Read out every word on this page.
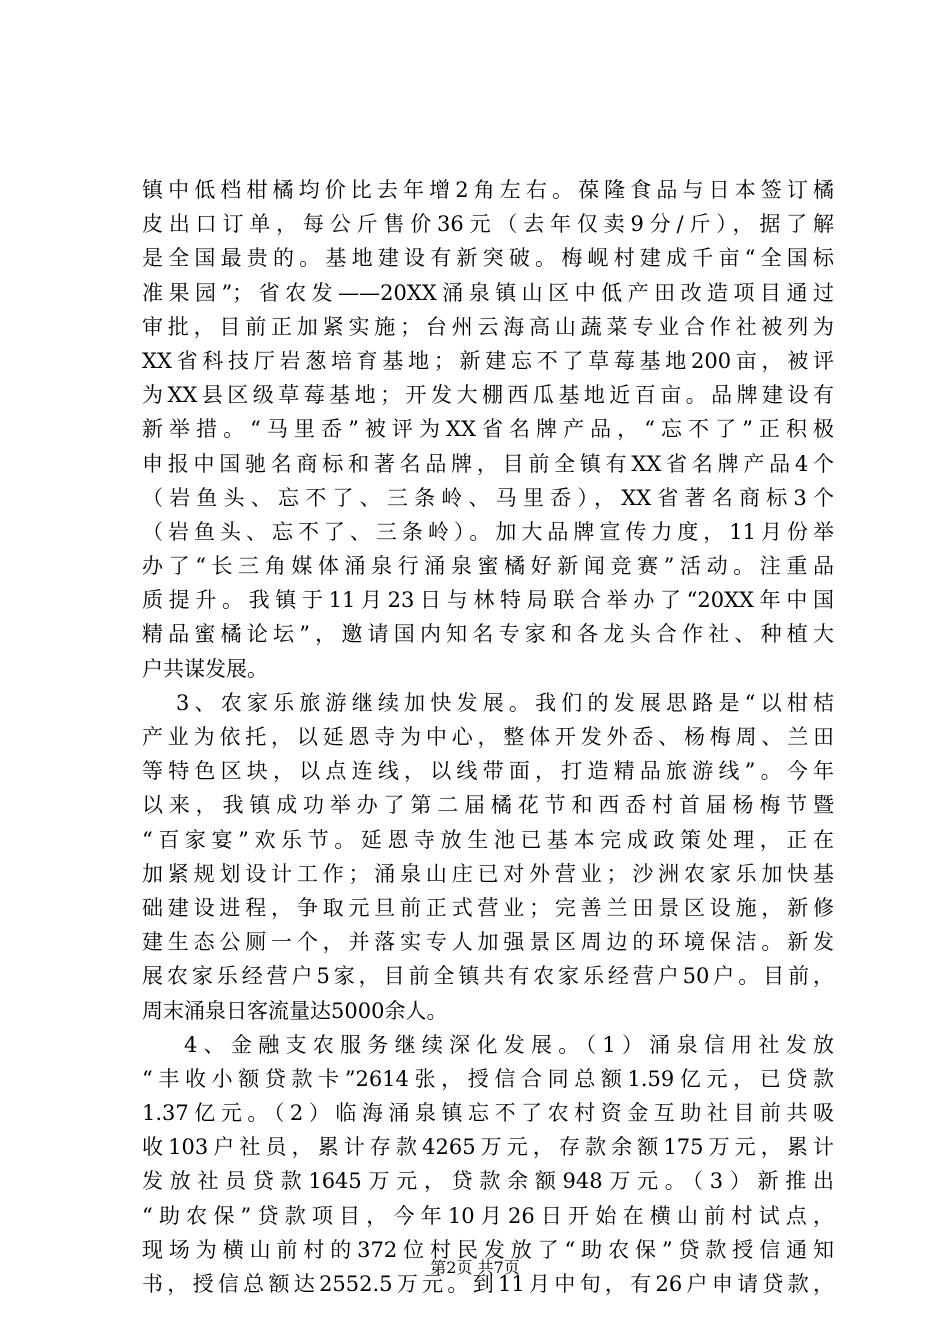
镇中低档柑橘均价比去年增2角左右。葆隆食品与日本签订橘
皮出口订单，每公斤售价36元（去年仅卖9分/斤），据了解
是全国最贵的。基地建设有新突破。梅岘村建成千亩“全国标
准果园”；省农发——20XX涌泉镇山区中低产田改造项目通过
审批，目前正加紧实施；台州云海高山蔬菜专业合作社被列为
XX省科技厅岩葱培育基地；新建忘不了草莓基地200亩，被评
为XX县区级草莓基地；开发大棚西瓜基地近百亩。品牌建设有
新举措。“马里岙”被评为XX省名牌产品，“忘不了”正积极
申报中国驰名商标和著名品牌，目前全镇有XX省名牌产品4个
（岩鱼头、忘不了、三条岭、马里岙），XX省著名商标3个
（岩鱼头、忘不了、三条岭）。加大品牌宣传力度，11月份举
办了“长三角媒体涌泉行涌泉蜜橘好新闻竞赛”活动。注重品
质提升。我镇于11月23日与林特局联合举办了“20XX年中国
精品蜜橘论坛”，邀请国内知名专家和各龙头合作社、种植大
户共谋发展。
3、农家乐旅游继续加快发展。我们的发展思路是“以柑桔
产业为依托，以延恩寺为中心，整体开发外岙、杨梅周、兰田
等特色区块，以点连线，以线带面，打造精品旅游线”。今年
以来，我镇成功举办了第二届橘花节和西岙村首届杨梅节暨
“百家宴”欢乐节。延恩寺放生池已基本完成政策处理，正在
加紧规划设计工作；涌泉山庄已对外营业；沙洲农家乐加快基
础建设进程，争取元旦前正式营业；完善兰田景区设施，新修
建生态公厕一个，并落实专人加强景区周边的环境保洁。新发
展农家乐经营户5家，目前全镇共有农家乐经营户50户。目前，
周末涌泉日客流量达5000余人。
4、金融支农服务继续深化发展。（1）涌泉信用社发放
“丰收小额贷款卡”2614张，授信合同总额1.59亿元，已贷款
1.37亿元。（2）临海涌泉镇忘不了农村资金互助社目前共吸
收103户社员，累计存款4265万元，存款余额175万元，累计
发放社员贷款1645万元，贷款余额948万元。（3）新推出
“助农保”贷款项目，今年10月26日开始在横山前村试点，
现场为横山前村的372位村民发放了“助农保”贷款授信通知
书，授信总额达2552.5万元。到11月中旬，有26户申请贷款，
第2页 共7页
